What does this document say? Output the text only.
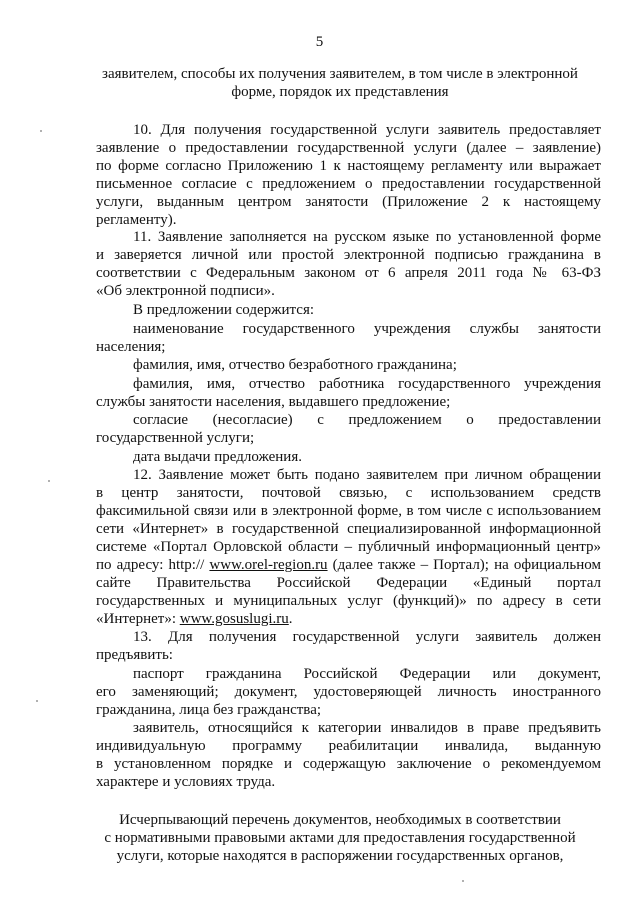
5
заявителем, способы их получения заявителем, в том числе в электронной
форме, порядок их представления
10. Для получения государственной услуги заявитель предоставляет
заявление о предоставлении государственной услуги (далее – заявление)
по форме согласно Приложению 1 к настоящему регламенту или выражает
письменное согласие с предложением о предоставлении государственной
услуги, выданным центром занятости (Приложение 2 к настоящему
регламенту).
11. Заявление заполняется на русском языке по установленной форме
и заверяется личной или простой электронной подписью гражданина в
соответствии с Федеральным законом от 6 апреля 2011 года № 63-ФЗ
«Об электронной подписи».
В предложении содержится:
наименование государственного учреждения службы занятости
населения;
фамилия, имя, отчество безработного гражданина;
фамилия, имя, отчество работника государственного учреждения
службы занятости населения, выдавшего предложение;
согласие (несогласие) с предложением о предоставлении
государственной услуги;
дата выдачи предложения.
12. Заявление может быть подано заявителем при личном обращении
в центр занятости, почтовой связью, с использованием средств
факсимильной связи или в электронной форме, в том числе с использованием
сети «Интернет» в государственной специализированной информационной
системе «Портал Орловской области – публичный информационный центр»
по адресу: http:// www.orel-region.ru (далее также – Портал); на официальном
сайте Правительства Российской Федерации «Единый портал
государственных и муниципальных услуг (функций)» по адресу в сети
«Интернет»: www.gosuslugi.ru.
13. Для получения государственной услуги заявитель должен
предъявить:
паспорт гражданина Российской Федерации или документ,
его заменяющий; документ, удостоверяющей личность иностранного
гражданина, лица без гражданства;
заявитель, относящийся к категории инвалидов в праве предъявить
индивидуальную программу реабилитации инвалида, выданную
в установленном порядке и содержащую заключение о рекомендуемом
характере и условиях труда.
Исчерпывающий перечень документов, необходимых в соответствии
с нормативными правовыми актами для предоставления государственной
услуги, которые находятся в распоряжении государственных органов,
